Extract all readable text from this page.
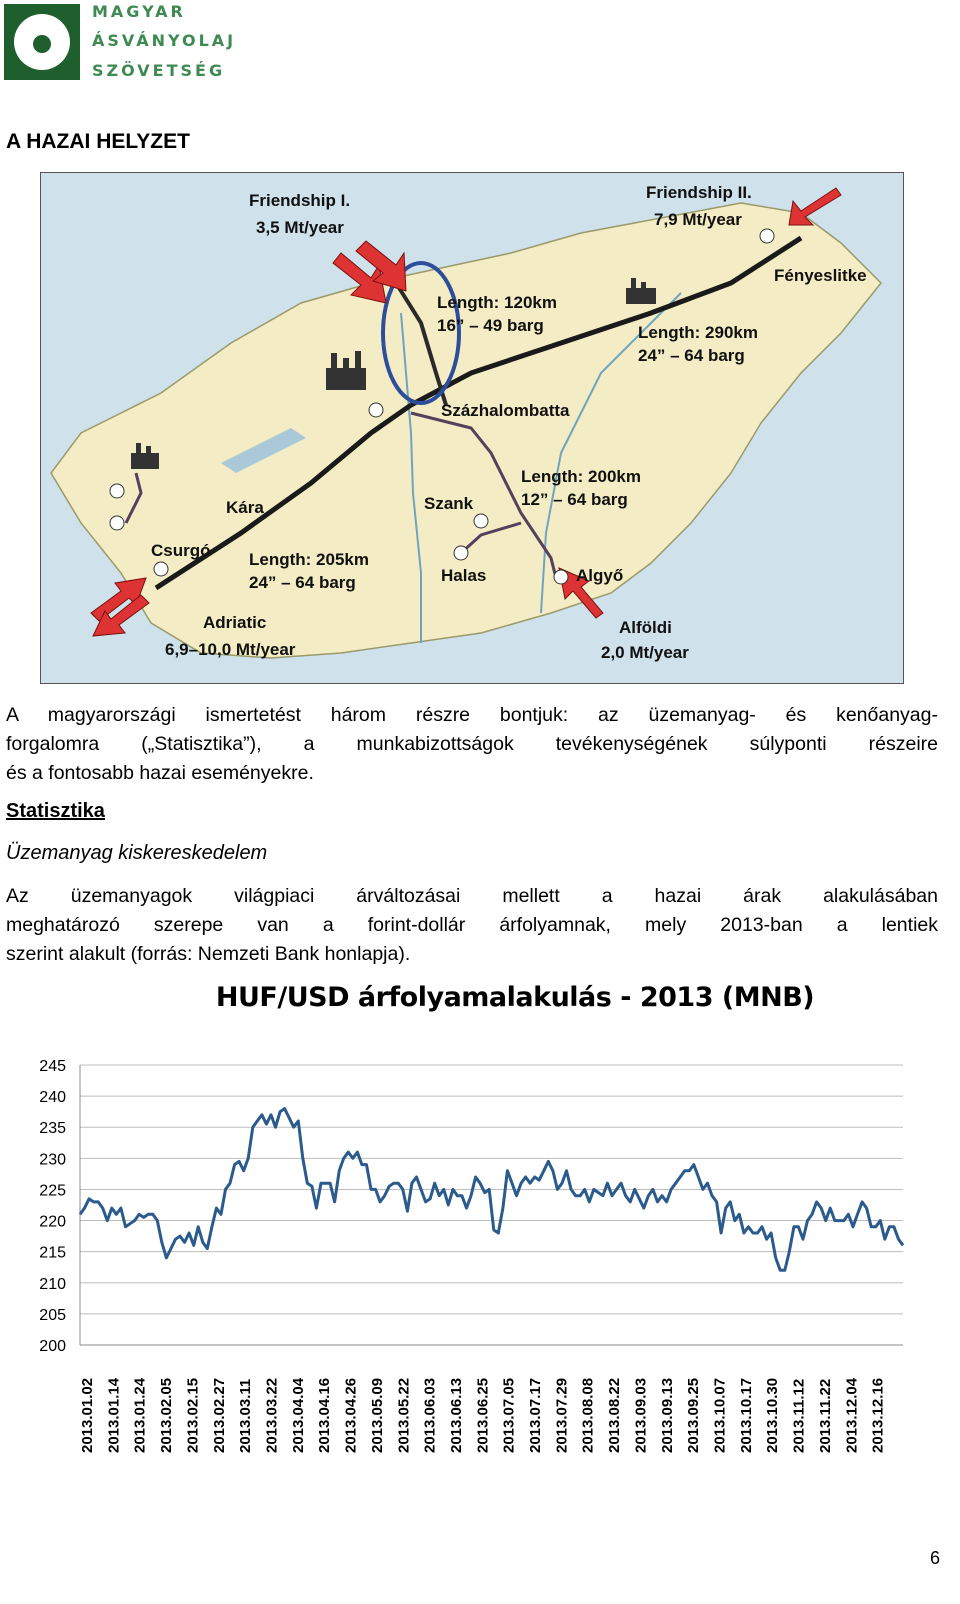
MAGYAR
ÁSVÁNYOLAJ
SZÖVETSÉG
A HAZAI HELYZET
Friendship I.
3,5 Mt/year
Friendship II.
7,9 Mt/year
Fényeslitke
Length: 120km
16” – 49 barg	Length: 290km
24” – 64 barg
Százhalombatta
Length: 200km
12” – 64 barg
Szank
Kára
Csurgó Length: 205km
24” – 64 barg	Halas	Algyő
Adriatic
6,9–10,0 Mt/year
Alföldi
2,0 Mt/year
A magyarországi ismertetést három részre bontjuk: az üzemanyag- és kenőanyag-
forgalomra („Statisztika”), a munkabizottságok tevékenységének súlyponti részeire
és a fontosabb hazai eseményekre.
Statisztika
Üzemanyag kiskereskedelem
Az üzemanyagok világpiaci árváltozásai mellett a hazai árak alakulásában
meghatározó szerepe van a forint-dollár árfolyamnak, mely 2013-ban a lentiek
szerint alakult (forrás: Nemzeti Bank honlapja).
HUF/USD árfolyamalakulás - 2013 (MNB)
200
205
210
215
220
225
230
235
240
245
2013.01.02 2013.01.14 2013.01.24 2013.02.05 2013.02.15 2013.02.27 2013.03.11 2013.03.22 2013.04.04 2013.04.16 2013.04.26 2013.05.09 2013.05.22 2013.06.03 2013.06.13 2013.06.25 2013.07.05 2013.07.17 2013.07.29 2013.08.08 2013.08.22 2013.09.03 2013.09.13 2013.09.25 2013.10.07 2013.10.17 2013.10.30 2013.11.12 2013.11.22 2013.12.04 2013.12.16
6
